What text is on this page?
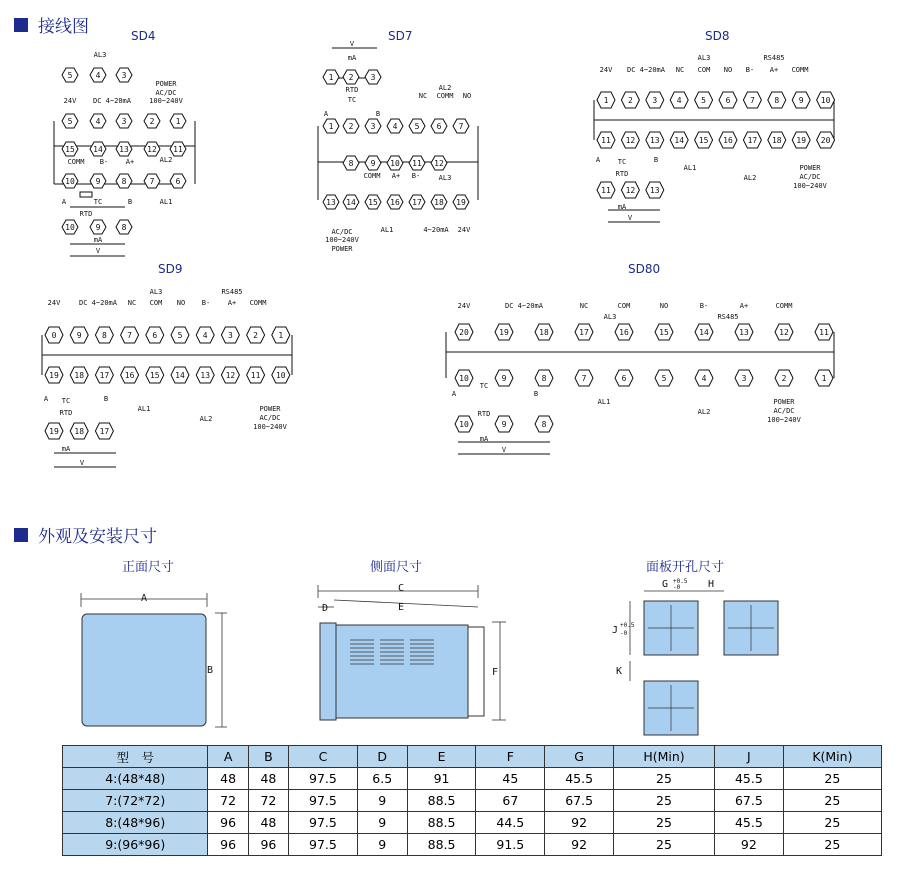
接线图
外观及安装尺寸
SD4	SD7	SD8
SD9	SD80
5	4	3
5	4	3	2	1
15 14 13 12 11
10	9	8	7	6
10	9	8
AL3
POWER
AC/DC
100~240V
24V DC 4~20mA
B-	A+
COMM	AL2
AL1
TC
RTD
mA
V
A	B
1 2 3
1 2 3 4 5 6 7
8 9 10 11 12
13 14 15 16 17 18 19
mA
V
TC
RTD
A	B
AL2
NC COMM NO
COMM A+ B-	AL3
AL1	4~20mA 24V
AC/DC
100~240V
POWER
1 2 3 4 5 6 7 8 9 10
11 12 13 14 15 16 17 18 19 20
11 12 13
24V DC 4~20mA NC COM NO B- A+ COMM
AL3	RS485
AL1
AL2
POWER
AC/DC
100~240V
TC
RTD
mA
V
A	B
0	9	8	7	6	5	4	3	2	1
19 18 17 16 15 14 13 12 11 10
19 18 17
24V	DC 4~20mA NC COM NO B-	A+ COMM
AL3	RS485
AL1
AL2
POWER
AC/DC
100~240V
TC
RTD
mA
V
A	B
20	19	18	17	16	15	14	13	12	11
10	9	8	7	6	5	4	3	2	1
10	9	8
24V	DC 4~20mA	NC	COM	NO	B-	A+	COMM
AL3	RS485
AL1
AL2
POWER
AC/DC
100~240V
TC
RTD
mA
V
A	B
正面尺寸	侧面尺寸	面板开孔尺寸
A
B
C
D	E
F
G +0.5
-0	H
J +0.5
-0
K
型　号	A	B	C	D	E	F	G	H(Min)	J	K(Min)
4:(48*48)	48	48	97.5	6.5	91	45	45.5	25	45.5	25
7:(72*72)	72	72	97.5	9	88.5	67	67.5	25	67.5	25
8:(48*96)	96	48	97.5	9	88.5	44.5	92	25	45.5	25
9:(96*96)	96	96	97.5	9	88.5	91.5	92	25	92	25
